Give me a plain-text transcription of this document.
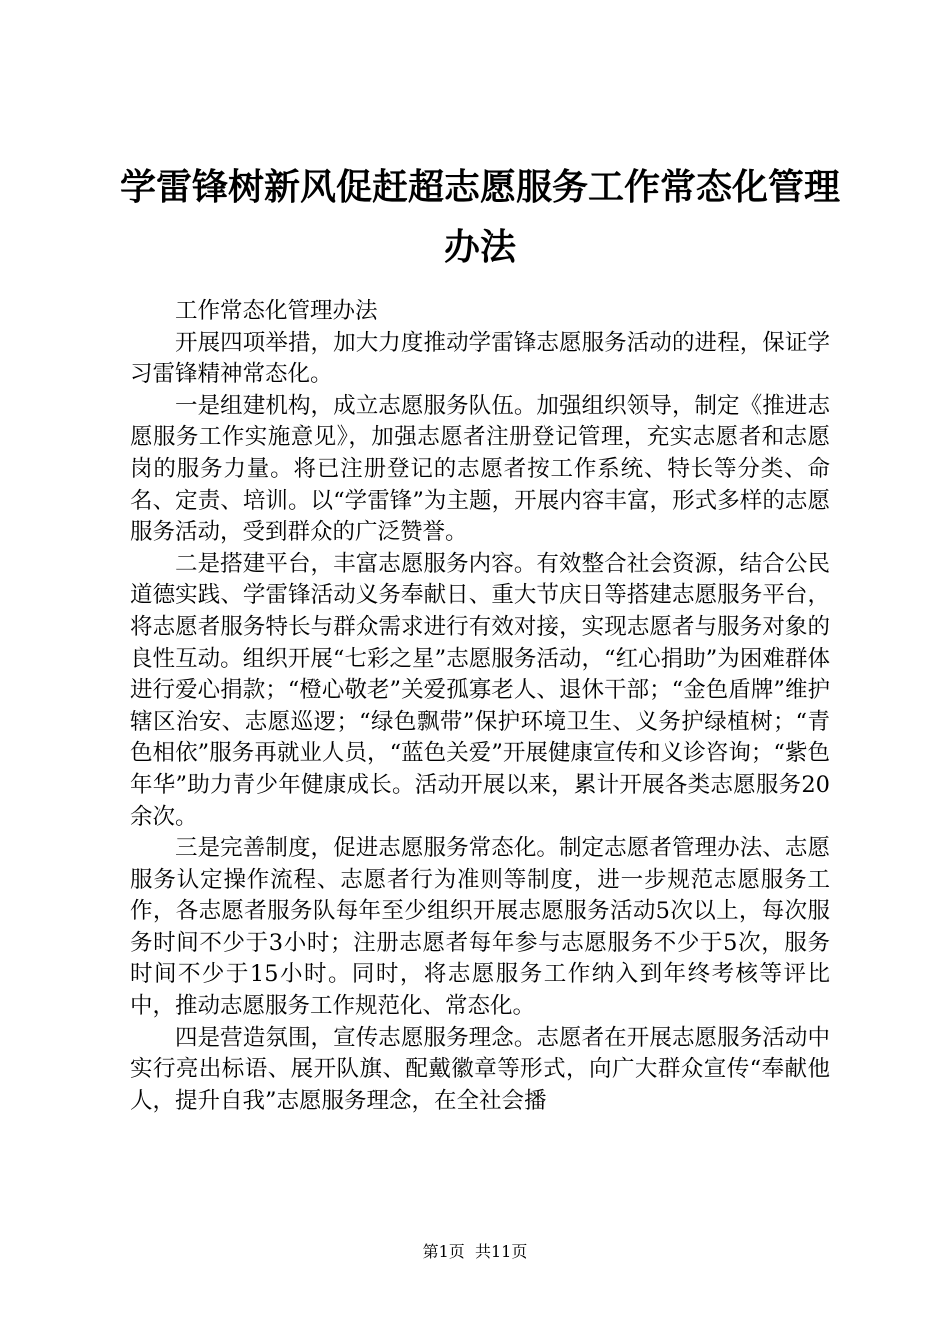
学雷锋树新风促赶超志愿服务工作常态化管理办法

工作常态化管理办法

开展四项举措，加大力度推动学雷锋志愿服务活动的进程，保证学习雷锋精神常态化。

一是组建机构，成立志愿服务队伍。加强组织领导，制定《推进志愿服务工作实施意见》，加强志愿者注册登记管理，充实志愿者和志愿岗的服务力量。将已注册登记的志愿者按工作系统、特长等分类、命名、定责、培训。以“学雷锋”为主题，开展内容丰富，形式多样的志愿服务活动，受到群众的广泛赞誉。

二是搭建平台，丰富志愿服务内容。有效整合社会资源，结合公民道德实践、学雷锋活动义务奉献日、重大节庆日等搭建志愿服务平台，将志愿者服务特长与群众需求进行有效对接，实现志愿者与服务对象的良性互动。组织开展“七彩之星”志愿服务活动，“红心捐助”为困难群体进行爱心捐款；“橙心敬老”关爱孤寡老人、退休干部；“金色盾牌”维护辖区治安、志愿巡逻；“绿色飘带”保护环境卫生、义务护绿植树；“青色相依”服务再就业人员，“蓝色关爱”开展健康宣传和义诊咨询；“紫色年华”助力青少年健康成长。活动开展以来，累计开展各类志愿服务20余次。

三是完善制度，促进志愿服务常态化。制定志愿者管理办法、志愿服务认定操作流程、志愿者行为准则等制度，进一步规范志愿服务工作，各志愿者服务队每年至少组织开展志愿服务活动5次以上，每次服务时间不少于3小时；注册志愿者每年参与志愿服务不少于5次，服务时间不少于15小时。同时，将志愿服务工作纳入到年终考核等评比中，推动志愿服务工作规范化、常态化。

四是营造氛围，宣传志愿服务理念。志愿者在开展志愿服务活动中实行亮出标语、展开队旗、配戴徽章等形式，向广大群众宣传“奉献他人，提升自我”志愿服务理念，在全社会播

第1页 共11页
